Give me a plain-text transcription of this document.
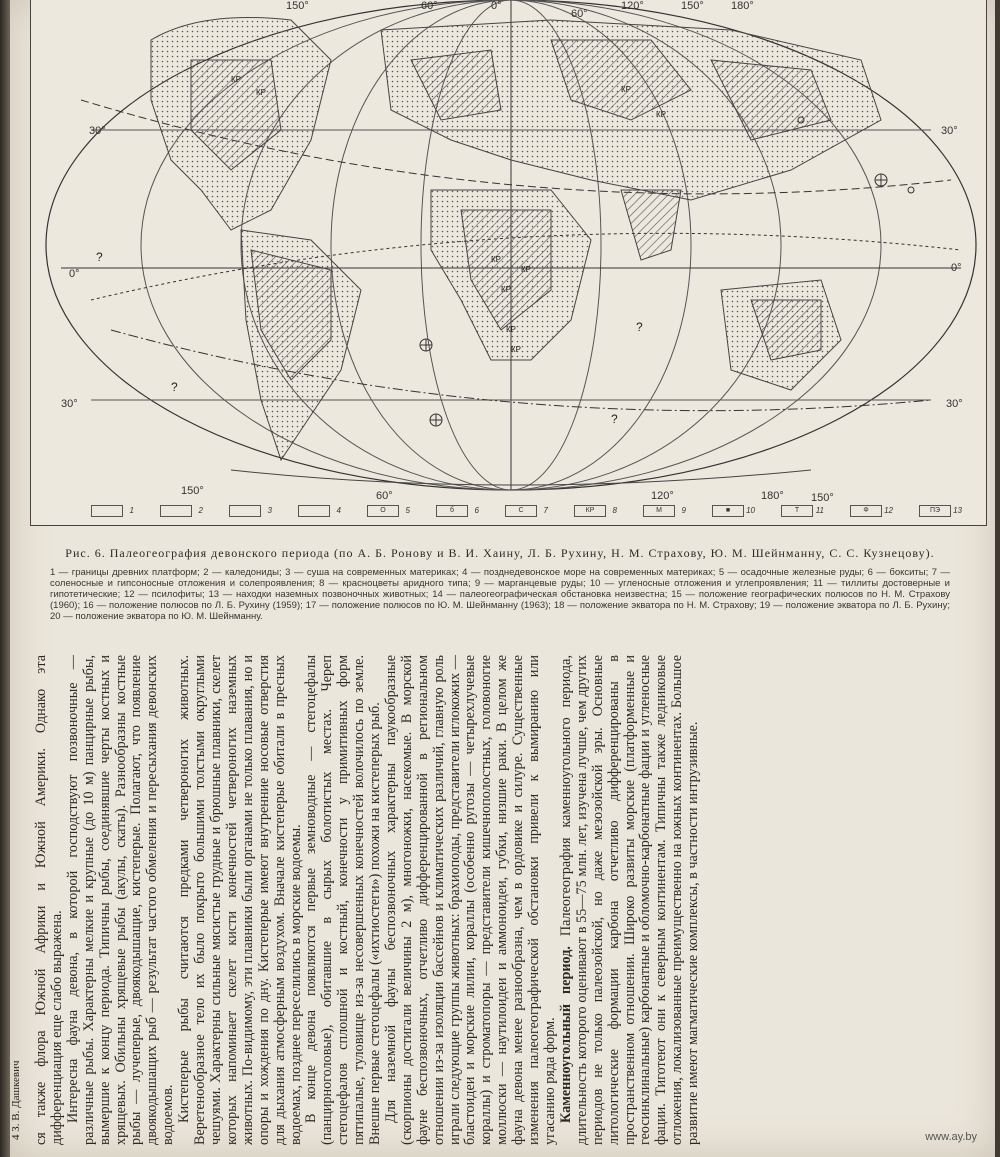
0°
30°
30°	30°
0°
30°
150°	60°	0°
60°
120°	150° 180°
150°	60°	120°	180° 150°
КР
КР	КР
КР
КР
КР
КР
КР
КР
?
?
?
?
1	2	3	4	О 5	б	6	С	7	КР 8	М 9	■ 10	Т 11	Ф 12	ПЭ 13

Рис. 6. Палеогеография девонского периода (по А. Б. Ронову и В. И. Хаину, Л. Б. Рухину, Н. М. Страхову, Ю. М. Шейнманну, С. С. Кузнецову).

1 — границы древних платформ; 2 — каледониды; 3 — суша на современных материках; 4 — позднедевонское море на современных материках; 5 — осадочные железные руды; 6 — бокситы; 7 — соленосные и гипсоносные отложения и солепроявления; 8 — красноцветы аридного типа; 9 — марганцевые руды; 10 — угленосные отложения и углепроявления; 11 — тиллиты достоверные и гипотетические; 12 — псилофиты; 13 — находки наземных позвоночных животных; 14 — палеогеографическая обстановка неизвестна; 15 — положение географических полюсов по Н. М. Страхову (1960); 16 — положение полюсов по Л. Б. Рухину (1959); 17 — положение полюсов по Ю. М. Шейнманну (1963); 18 — положение экватора по Н. М. Страхову; 19 — положение экватора по Л. Б. Рухину; 20 — положение экватора по Ю. М. Шейнманну.

4 З. В. Дашкевич ся также флора Южной Африки и Южной Америки. Однако эта дифференциация еще слабо выражена. Интересна фауна девона, в которой господствуют позвоночные — различные рыбы. Характерны мелкие и крупные (до 10 м) панцирные рыбы, вымершие к концу периода. Типичны рыбы, соединявшие черты костных и хрящевых. Обильны хрящевые рыбы (акулы, скаты). Разнообразны костные рыбы — лучеперые, двоякодышащие, кистеперые. Полагают, что появление двоякодышащих рыб — результат частого обмеления и пересыхания девонских водоемов. Кистеперые рыбы считаются предками четвероногих животных. Веретенообразное тело их было покрыто большими толстыми округлыми чешуями. Характерны сильные мясистые грудные и брюшные плавники, скелет которых напоминает скелет кисти конечностей четвероногих наземных животных. По-видимому, эти плавники были органами не только плавания, но и опоры и хождения по дну. Кистеперые имеют внутренние носовые отверстия для дыхания атмосферным воздухом. Вначале кистеперые обитали в пресных водоемах, позднее переселились в морские водоемы. В конце девона появляются первые земноводные — стегоцефалы (панцирноголовые), обитавшие в сырых болотистых местах. Череп стегоцефалов сплошной и костный, конечности у примитивных форм пятипалые, туловище из-за несовершенных конечностей волочилось по земле. Внешне первые стегоцефалы («ихтиостеги») похожи на кистеперых рыб. Для наземной фауны беспозвоночных характерны паукообразные (скорпионы достигали величины 2 м), многоножки, насекомые. В морской фауне беспозвоночных, отчетливо дифференцированной в региональном отношении из-за изоляции бассейнов и климатических различий, главную роль играли следующие группы животных: брахиоподы, представители иглокожих — бластоидеи и морские лилии, кораллы (особенно ругозы — четырехлучевые кораллы) и строматопоры — представители кишечнополостных, головоногие моллюски — наутилоидеи и аммоноидеи, губки, низшие раки. В целом же фауна девона менее разнообразна, чем в ордовике и силуре. Существенные изменения палеогеографической обстановки привели к вымиранию или угасанию ряда форм. Каменноугольный период. Палеогеография каменноугольного периода, длительность которого оценивают в 55—75 млн. лет, изучена лучше, чем других периодов не только палеозойской, но даже мезозойской эры. Основные литологические формации карбона отчетливо дифференцированы в пространственном отношении. Широко развиты морские (платформенные и геосинклинальные) карбонатные и обломочно-карбонатные фации и угленосные фации. Тиготеют они к северным континентам. Типичны также ледниковые отложения, локализованные преимущественно на южных континентах. Большое развитие имеют магматические комплексы, в частности интрузивные.	www.ay.by
